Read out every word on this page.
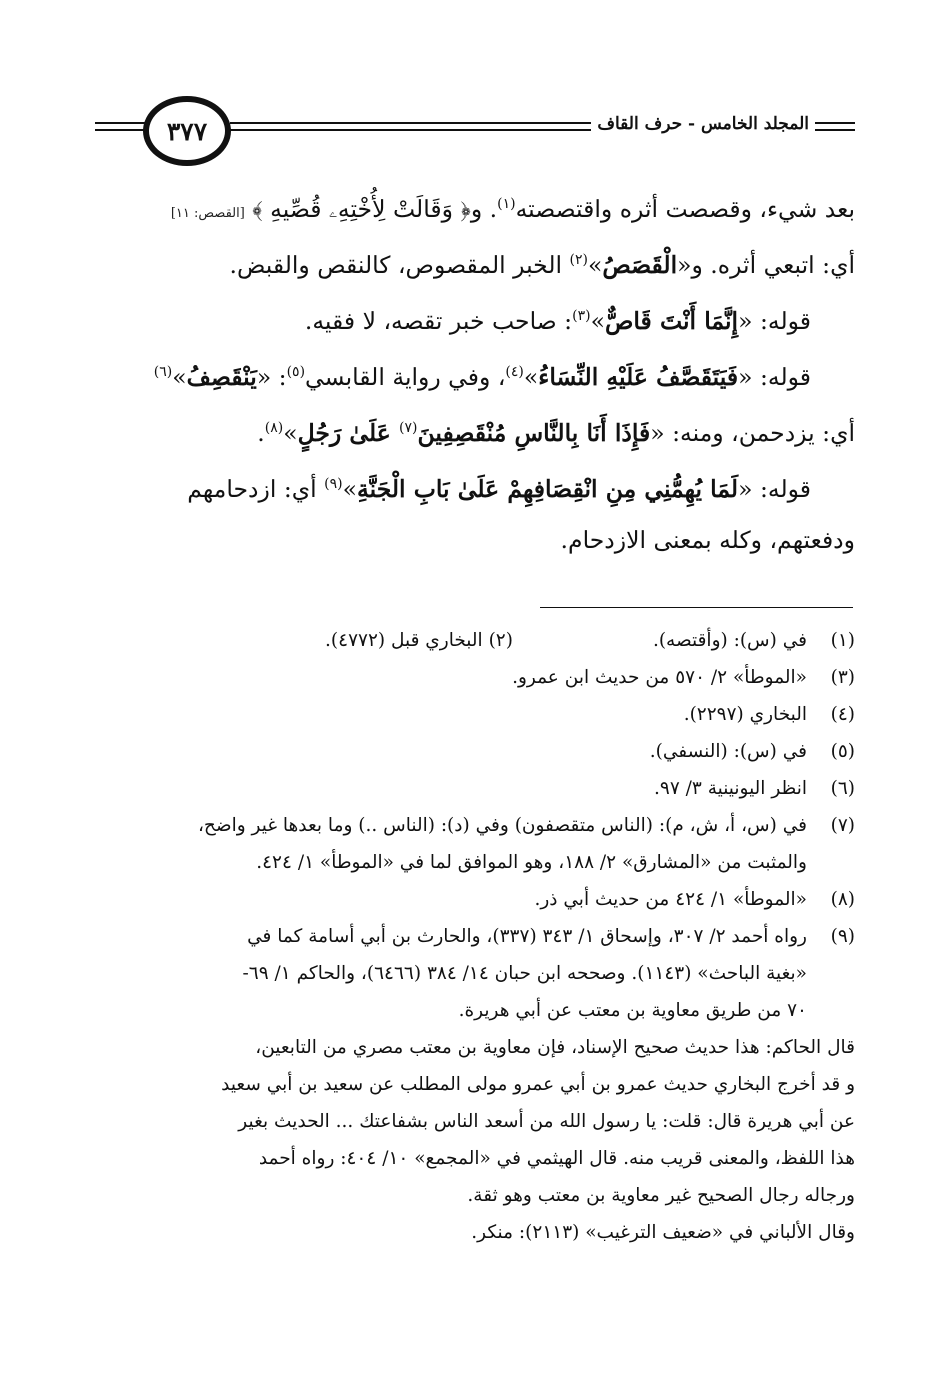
٣٧٧	المجلد الخامس - حرف القاف
بعد شيء، وقصصت أثره واقتصصته$^{(١)}$. و﴿ وَقَالَتْ لِأُخْتِهِۦ قُصِّيهِ ﴾ [القصص: ١١]
أي: اتبعي أثره. و«الْقَصَصُ»$^{(٢)}$ الخبر المقصوص، كالنقص والقبض.
قوله: «إِنَّمَا أَنْتَ قَاصٌّ»$^{(٣)}$: صاحب خبر تقصه، لا فقيه.
قوله: «فَيَتَقَصَّفُ عَلَيْهِ النِّسَاءُ»$^{(٤)}$، وفي رواية القابسي$^{(٥)}$: «يَنْقَصِفُ»$^{(٦)}$
أي: يزدحمن، ومنه: «فَإِذَا أَنَا بِالنَّاسِ مُنْقَصِفِينَ$^{(٧)}$ عَلَىٰ رَجُلٍ»$^{(٨)}$.
قوله: «لَمَا يُهِمُّنِي مِنِ انْقِصَافِهِمْ عَلَىٰ بَابِ الْجَنَّةِ»$^{(٩)}$ أي: ازدحامهم
ودفعتهم، وكله بمعنى الازدحام.
(١)في (س): (وأقتصه).(٢) البخاري قبل (٤٧٧٢).
(٣)«الموطأ» ٢/ ٥٧٠ من حديث ابن عمرو.
(٤)البخاري (٢٢٩٧).
(٥)في (س): (النسفي).
(٦)انظر اليونينية ٣/ ٩٧.
(٧)في (س، أ، ش، م): (الناس متقصفون) وفي (د): (الناس ..) وما بعدها غير واضح،
والمثبت من «المشارق» ٢/ ١٨٨، وهو الموافق لما في «الموطأ» ١/ ٤٢٤.
(٨)«الموطأ» ١/ ٤٢٤ من حديث أبي ذر.
(٩)رواه أحمد ٢/ ٣٠٧، وإسحاق ١/ ٣٤٣ (٣٣٧)، والحارث بن أبي أسامة كما في
«بغية الباحث» (١١٤٣). وصححه ابن حبان ١٤/ ٣٨٤ (٦٤٦٦)، والحاكم ١/ ٦٩-
٧٠ من طريق معاوية بن معتب عن أبي هريرة.
قال الحاكم: هذا حديث صحيح الإسناد، فإن معاوية بن معتب مصري من التابعين،
و قد أخرج البخاري حديث عمرو بن أبي عمرو مولى المطلب عن سعيد بن أبي سعيد
عن أبي هريرة قال: قلت: يا رسول الله من أسعد الناس بشفاعتك ... الحديث بغير
هذا اللفظ، والمعنى قريب منه. قال الهيثمي في «المجمع» ١٠/ ٤٠٤: رواه أحمد
ورجاله رجال الصحيح غير معاوية بن معتب وهو ثقة.
وقال الألباني في «ضعيف الترغيب» (٢١١٣): منكر.
